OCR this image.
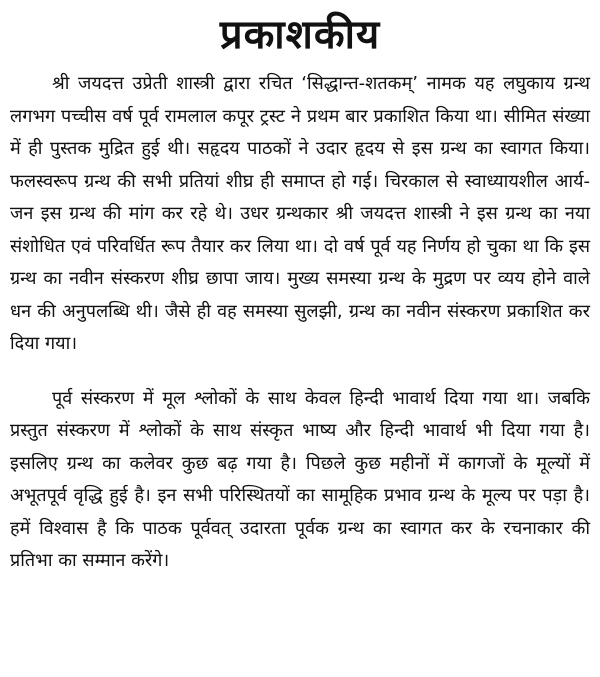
प्रकाशकीय

श्री जयदत्त उप्रेती शास्त्री द्वारा रचित ‘सिद्धान्त-शतकम्’ नामक यह लघुकाय ग्रन्थ लगभग पच्चीस वर्ष पूर्व रामलाल कपूर ट्रस्ट ने प्रथम बार प्रकाशित किया था। सीमित संख्या में ही पुस्तक मुद्रित हुई थी। सहृदय पाठकों ने उदार हृदय से इस ग्रन्थ का स्वागत किया। फलस्वरूप ग्रन्थ की सभी प्रतियां शीघ्र ही समाप्त हो गई। चिरकाल से स्वाध्यायशील आर्य-जन इस ग्रन्थ की मांग कर रहे थे। उधर ग्रन्थकार श्री जयदत्त शास्त्री ने इस ग्रन्थ का नया संशोधित एवं परिवर्धित रूप तैयार कर लिया था। दो वर्ष पूर्व यह निर्णय हो चुका था कि इस ग्रन्थ का नवीन संस्करण शीघ्र छापा जाय। मुख्य समस्या ग्रन्थ के मुद्रण पर व्यय होने वाले धन की अनुपलब्धि थी। जैसे ही वह समस्या सुलझी, ग्रन्थ का नवीन संस्करण प्रकाशित कर दिया गया।

पूर्व संस्करण में मूल श्लोकों के साथ केवल हिन्दी भावार्थ दिया गया था। जबकि प्रस्तुत संस्करण में श्लोकों के साथ संस्कृत भाष्य और हिन्दी भावार्थ भी दिया गया है। इसलिए ग्रन्थ का कलेवर कुछ बढ़ गया है। पिछले कुछ महीनों में कागजों के मूल्यों में अभूतपूर्व वृद्धि हुई है। इन सभी परिस्थितयों का सामूहिक प्रभाव ग्रन्थ के मूल्य पर पड़ा है। हमें विश्वास है कि पाठक पूर्ववत् उदारता पूर्वक ग्रन्थ का स्वागत कर के रचनाकार की प्रतिभा का सम्मान करेंगे।
